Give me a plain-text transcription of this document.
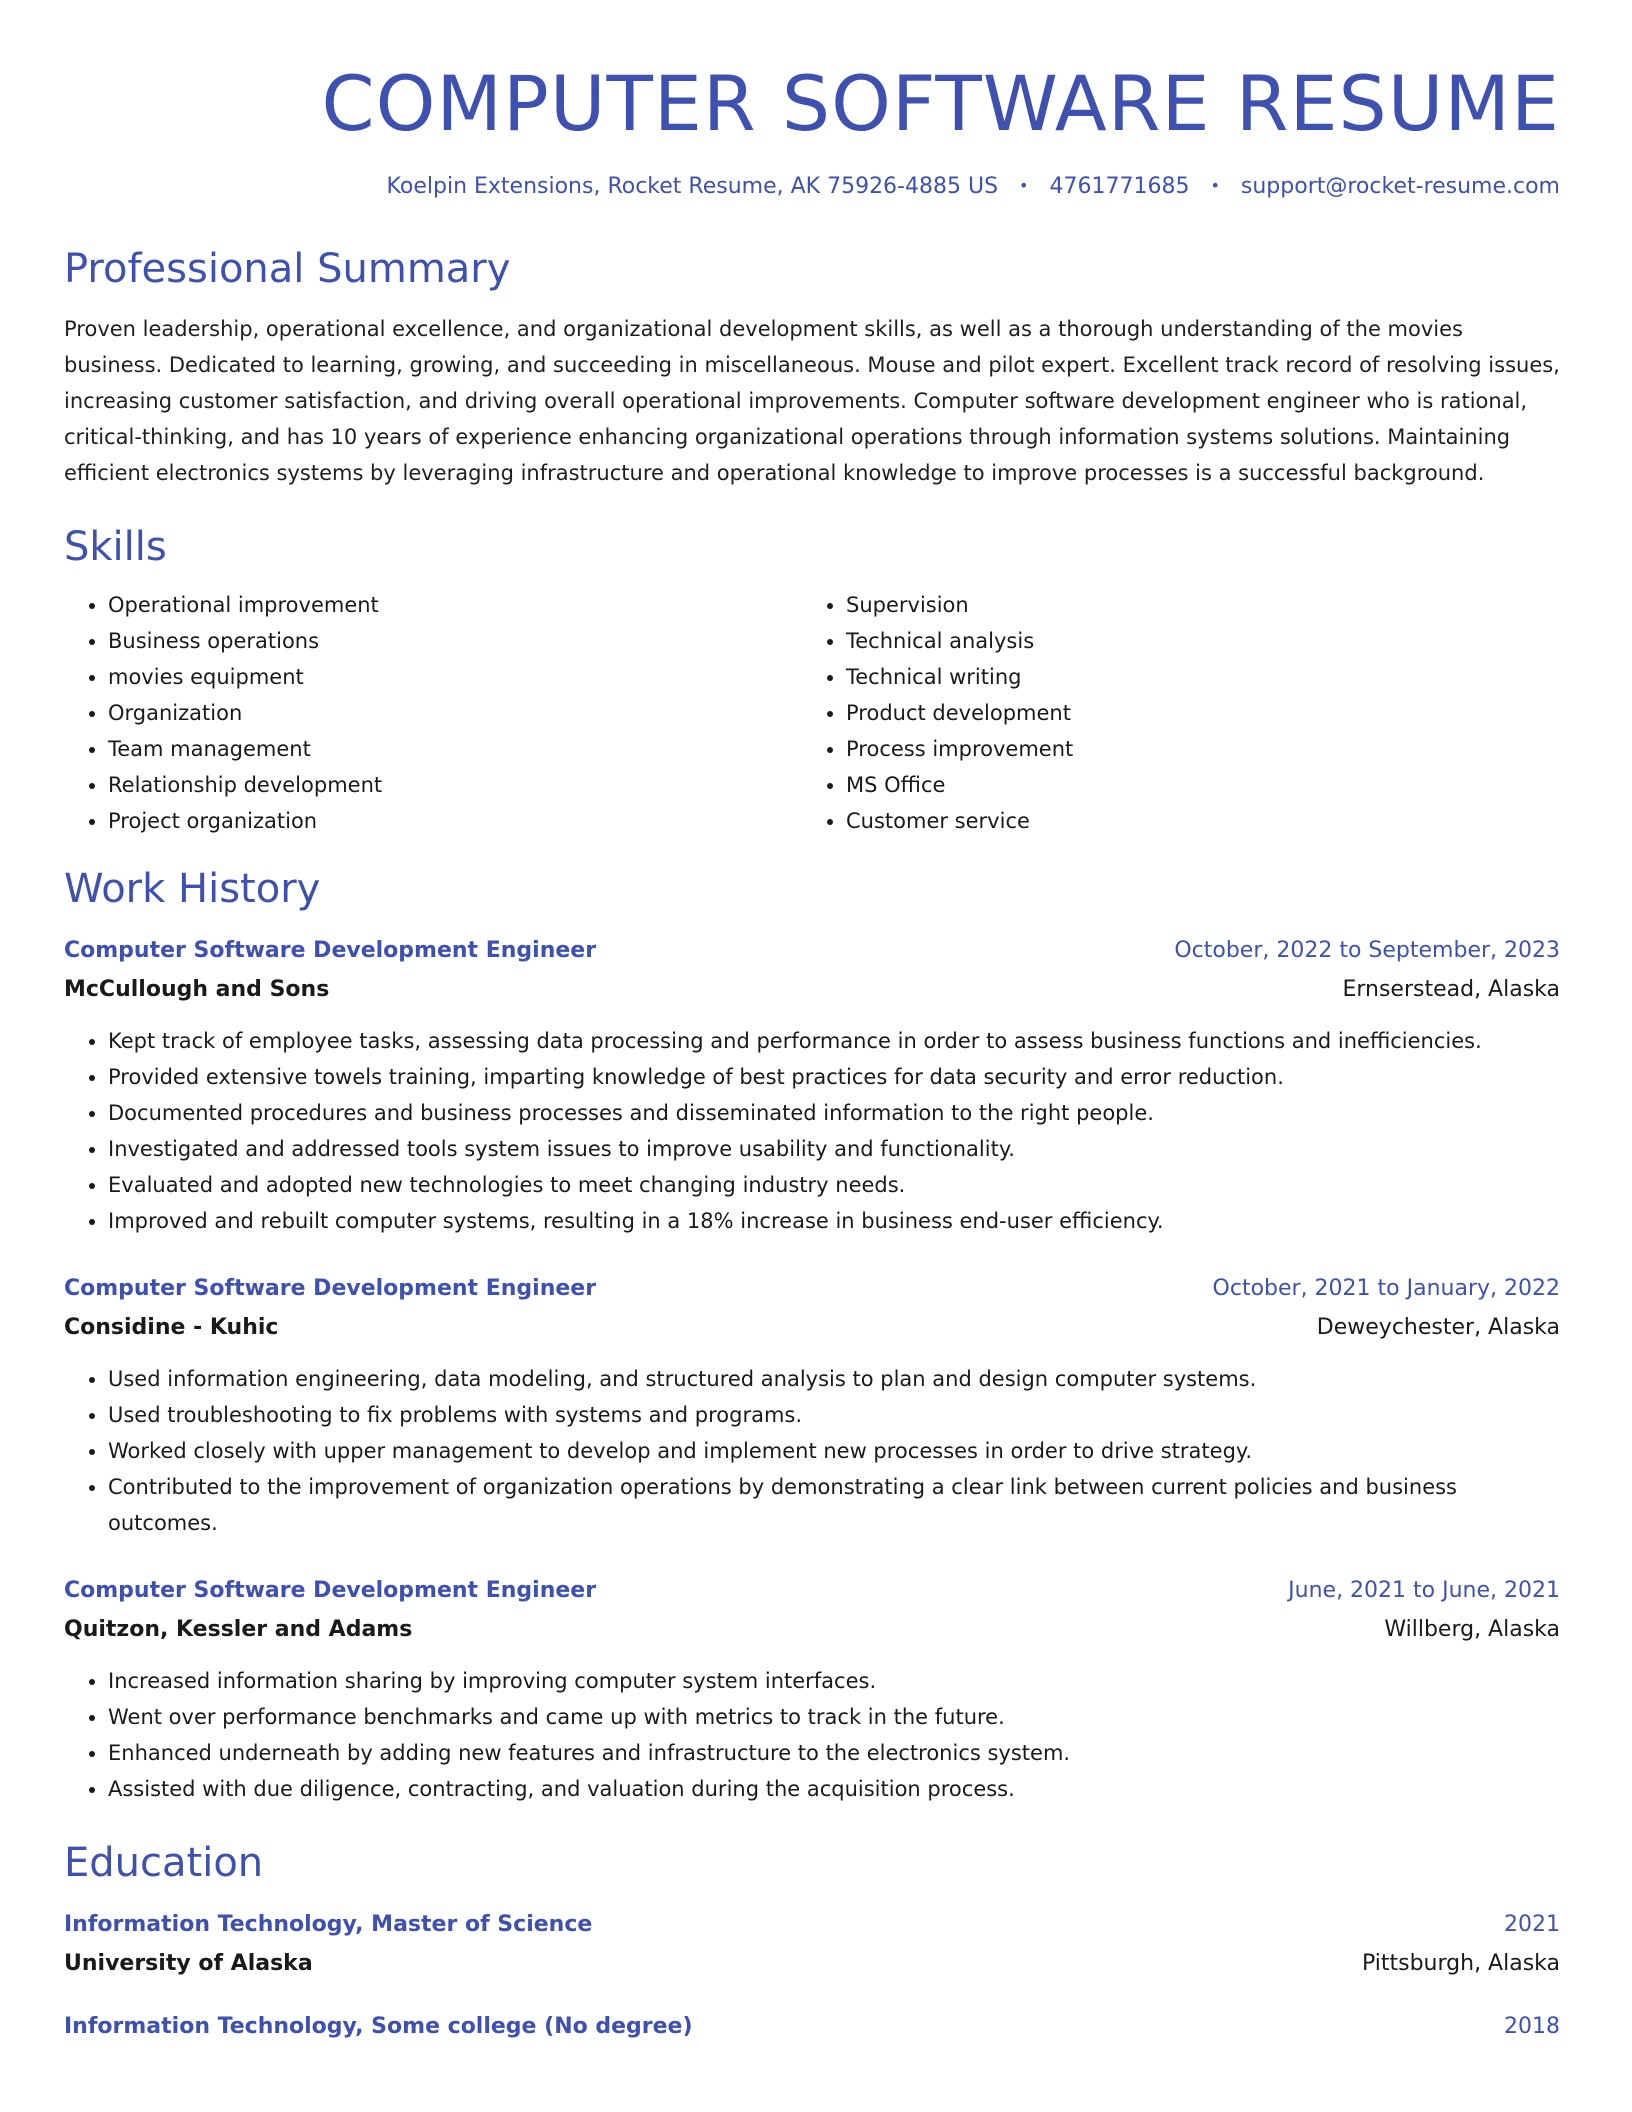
COMPUTER SOFTWARE RESUME
Koelpin Extensions, Rocket Resume, AK 75926-4885 US • 4761771685 • support@rocket-resume.com
Professional Summary

Proven leadership, operational excellence, and organizational development skills, as well as a thorough understanding of the movies business. Dedicated to learning, growing, and succeeding in miscellaneous. Mouse and pilot expert. Excellent track record of resolving issues, increasing customer satisfaction, and driving overall operational improvements. Computer software development engineer who is rational, critical-thinking, and has 10 years of experience enhancing organizational operations through information systems solutions. Maintaining efficient electronics systems by leveraging infrastructure and operational knowledge to improve processes is a successful background.

Skills
• Operational improvement
• Business operations
• movies equipment
• Organization
• Team management
• Relationship development
• Project organization
• Supervision
• Technical analysis
• Technical writing
• Product development
• Process improvement
• MS Office
• Customer service
Work History
Computer Software Development Engineer	October, 2022 to September, 2023
McCullough and Sons	Ernserstead, Alaska
• Kept track of employee tasks, assessing data processing and performance in order to assess business functions and inefficiencies.
• Provided extensive towels training, imparting knowledge of best practices for data security and error reduction.
• Documented procedures and business processes and disseminated information to the right people.
• Investigated and addressed tools system issues to improve usability and functionality.
• Evaluated and adopted new technologies to meet changing industry needs.
• Improved and rebuilt computer systems, resulting in a 18% increase in business end-user efficiency.
Computer Software Development Engineer	October, 2021 to January, 2022
Considine - Kuhic	Deweychester, Alaska
• Used information engineering, data modeling, and structured analysis to plan and design computer systems.
• Used troubleshooting to fix problems with systems and programs.
• Worked closely with upper management to develop and implement new processes in order to drive strategy.
• Contributed to the improvement of organization operations by demonstrating a clear link between current policies and business outcomes.
Computer Software Development Engineer	June, 2021 to June, 2021
Quitzon, Kessler and Adams	Willberg, Alaska
• Increased information sharing by improving computer system interfaces.
• Went over performance benchmarks and came up with metrics to track in the future.
• Enhanced underneath by adding new features and infrastructure to the electronics system.
• Assisted with due diligence, contracting, and valuation during the acquisition process.
Education
Information Technology, Master of Science	2021
University of Alaska	Pittsburgh, Alaska
Information Technology, Some college (No degree)	2018
